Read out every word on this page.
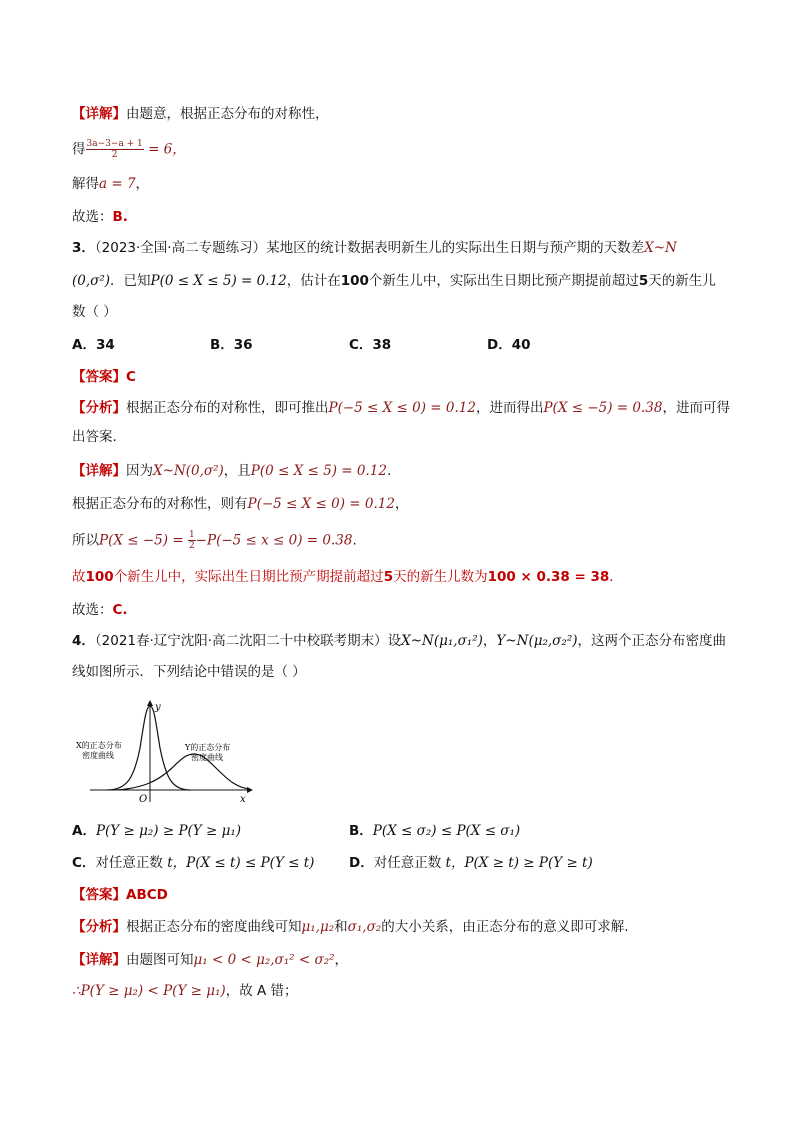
【详解】由题意，根据正态分布的对称性，
得 $\frac{3a-3-a + 1}{2} = 6$，
解得a = 7，
故选：B.
3．（2023·全国·高二专题练习）某地区的统计数据表明新生儿的实际出生日期与预产期的天数差X~N
(0,σ²)．已知P(0 ≤ X ≤ 5) = 0.12，估计在100个新生儿中，实际出生日期比预产期提前超过5天的新生儿
数（ ）
A．34	B．36	C．38	D．40
【答案】C
【分析】根据正态分布的对称性，即可推出P(−5 ≤ X ≤ 0) = 0.12，进而得出P(X ≤ −5) = 0.38，进而可得
出答案.
【详解】因为X~N(0,σ²)，且P(0 ≤ X ≤ 5) = 0.12.
根据正态分布的对称性，则有P(−5 ≤ X ≤ 0) = 0.12，
所以$P(X \le -5) = \frac{1}{2} -P(-5 \le x \le 0) = 0.38$.
故100个新生儿中，实际出生日期比预产期提前超过5天的新生儿数为100 × 0.38 = 38．
故选：C.
4．（2021春·辽宁沈阳·高二沈阳二十中校联考期末）设X~N(μ₁,σ₁²)，Y~N(μ₂,σ₂²)，这两个正态分布密度曲
线如图所示．下列结论中错误的是（ ）
y
x
O
X的正态分布
密度曲线
Y的正态分布
密度曲线
A．P(Y ≥ μ₂) ≥ P(Y ≥ μ₁)	B．P(X ≤ σ₂) ≤ P(X ≤ σ₁)
C．对任意正数 t，P(X ≤ t) ≤ P(Y ≤ t)	D．对任意正数 t，P(X ≥ t) ≥ P(Y ≥ t)
【答案】ABCD
【分析】根据正态分布的密度曲线可知μ₁,μ₂和σ₁,σ₂的大小关系，由正态分布的意义即可求解.
【详解】由题图可知μ₁ < 0 < μ₂,σ₁² < σ₂²，
∴P(Y ≥ μ₂) < P(Y ≥ μ₁)，故 A 错；
